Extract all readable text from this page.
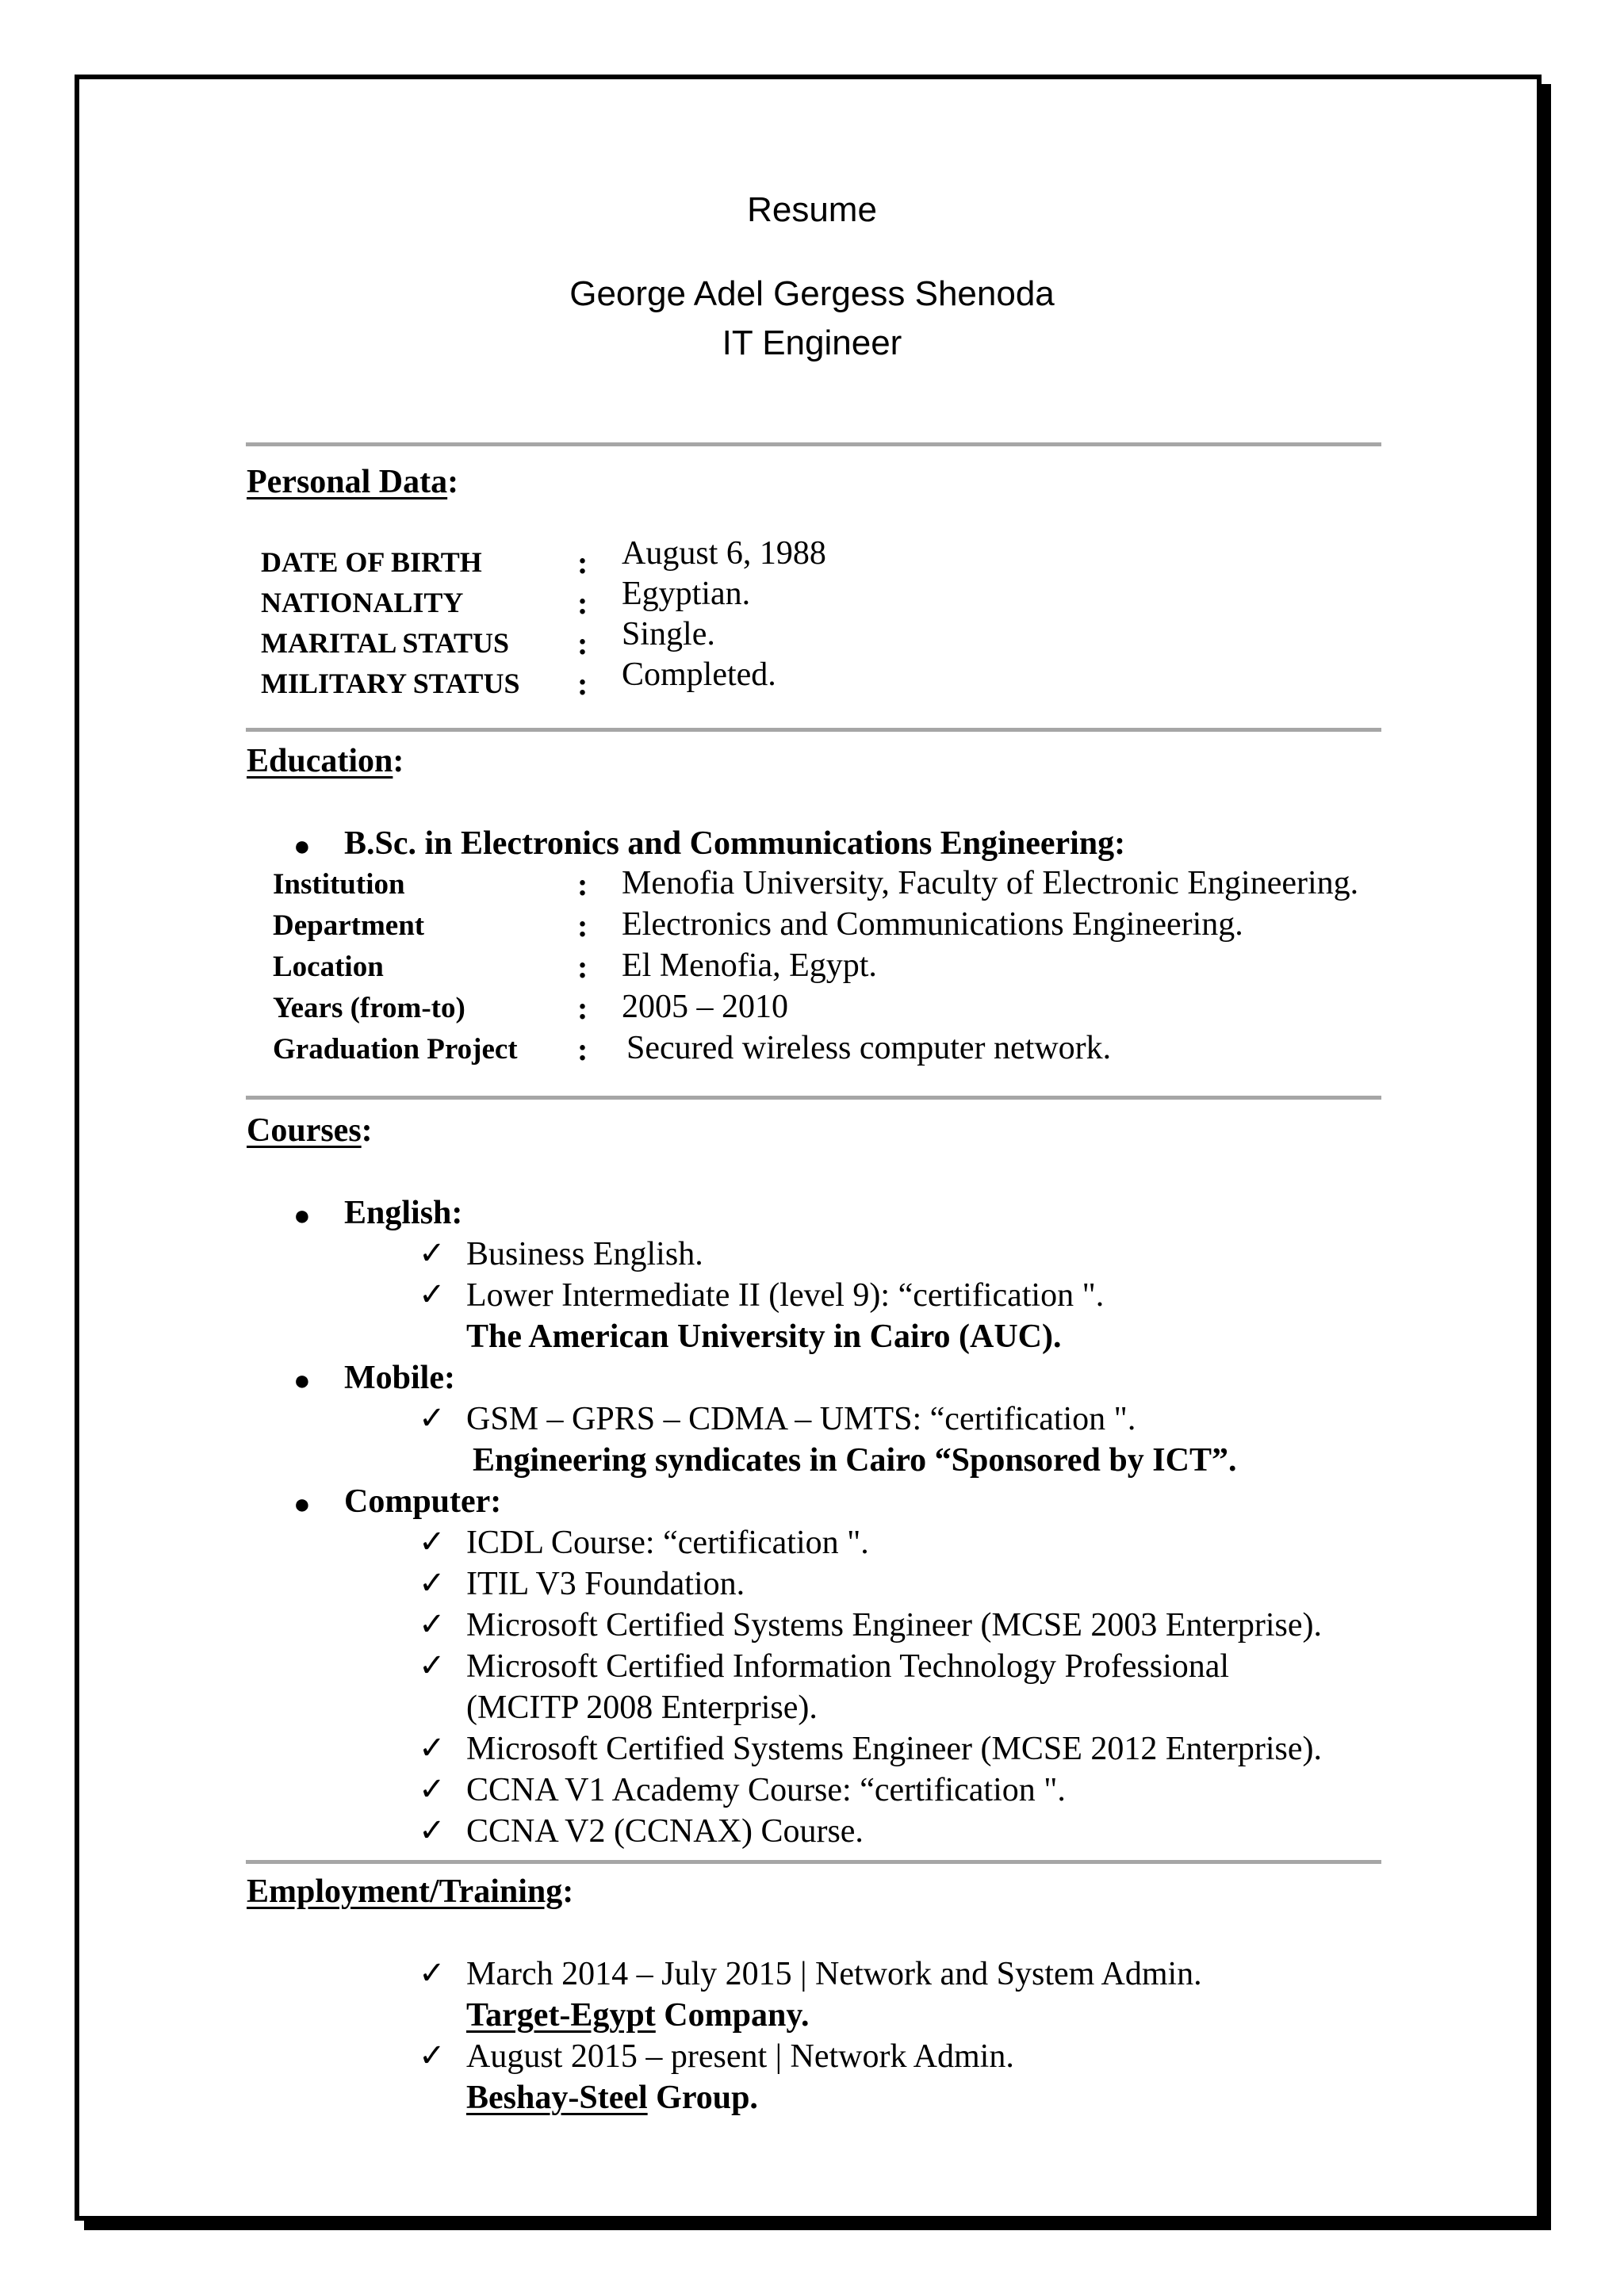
Resume
George Adel Gergess Shenoda
IT Engineer
Personal Data:
DATE OF BIRTH	: August 6, 1988
NATIONALITY	: Egyptian.
MARITAL STATUS : Single.
MILITARY STATUS : Completed.
Education:
● B.Sc. in Electronics and Communications Engineering:
Institution	: Menofia University, Faculty of Electronic Engineering.
Department	: Electronics and Communications Engineering.
Location	: El Menofia, Egypt.
Years (from-to)	: 2005 – 2010
Graduation Project : Secured wireless computer network.
Courses:
● English:
✓ Business English.
✓ Lower Intermediate II (level 9): “certification ".
The American University in Cairo (AUC).
● Mobile:
✓ GSM – GPRS – CDMA – UMTS: “certification ".
Engineering syndicates in Cairo “Sponsored by ICT”.
● Computer:
✓ ICDL Course: “certification ".
✓ ITIL V3 Foundation.
✓ Microsoft Certified Systems Engineer (MCSE 2003 Enterprise).
✓ Microsoft Certified Information Technology Professional
(MCITP 2008 Enterprise).
✓ Microsoft Certified Systems Engineer (MCSE 2012 Enterprise).
✓ CCNA V1 Academy Course: “certification ".
✓ CCNA V2 (CCNAX) Course.
Employment/Training:
✓ March 2014 – July 2015 | Network and System Admin.
Target-Egypt Company.
✓ August 2015 – present | Network Admin.
Beshay-Steel Group.
